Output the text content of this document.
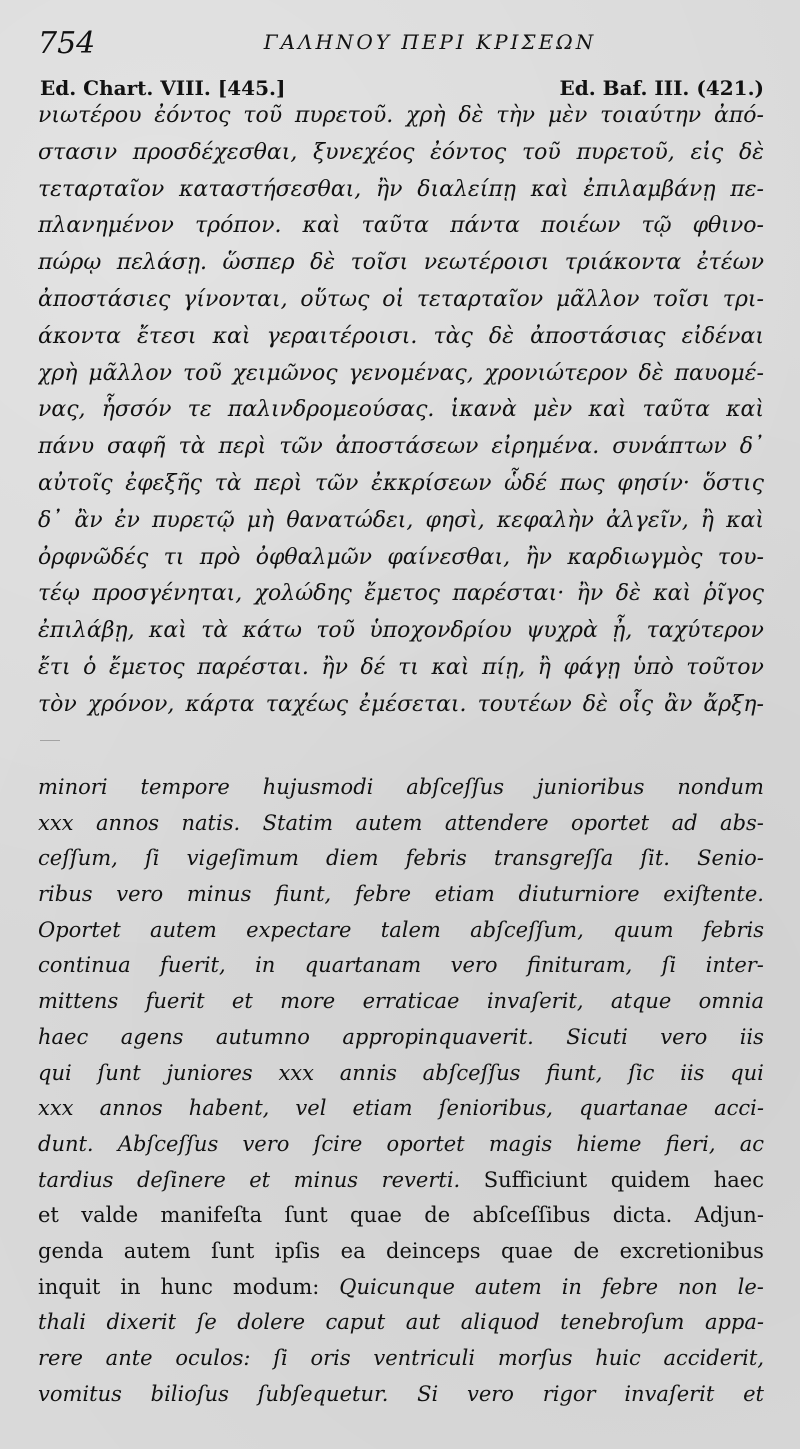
754	ΓΑΛΗΝΟΥ ΠΕΡΙ ΚΡΙΣΕΩΝ
Ed. Chart. VIII. [445.]	Ed. Baf. III. (421.)
νιωτέρου ἐόντος τοῦ πυρετοῦ. χρὴ δὲ τὴν μὲν τοιαύτην ἀπό-
στασιν προσδέχεσθαι, ξυνεχέος ἐόντος τοῦ πυρετοῦ, εἰς δὲ
τεταρταῖον καταστήσεσθαι, ἢν διαλείπῃ καὶ ἐπιλαμβάνῃ πε-
πλανημένον τρόπον. καὶ ταῦτα πάντα ποιέων τῷ φθινο-
πώρῳ πελάσῃ. ὥσπερ δὲ τοῖσι νεωτέροισι τριάκοντα ἐτέων
ἀποστάσιες γίνονται, οὕτως οἱ τεταρταῖον μᾶλλον τοῖσι τρι-
άκοντα ἔτεσι καὶ γεραιτέροισι. τὰς δὲ ἀποστάσιας εἰδέναι
χρὴ μᾶλλον τοῦ χειμῶνος γενομένας, χρονιώτερον δὲ παυομέ-
νας, ἧσσόν τε παλινδρομεούσας. ἱκανὰ μὲν καὶ ταῦτα καὶ
πάνυ σαφῆ τὰ περὶ τῶν ἀποστάσεων εἰρημένα. συνάπτων δ᾽
αὐτοῖς ἐφεξῆς τὰ περὶ τῶν ἐκκρίσεων ὧδέ πως φησίν· ὅστις
δ᾽ ἂν ἐν πυρετῷ μὴ θανατώδει, φησὶ, κεφαλὴν ἀλγεῖν, ἢ καὶ
ὀρφνῶδές τι πρὸ ὀφθαλμῶν φαίνεσθαι, ἢν καρδιωγμὸς του-
τέῳ προσγένηται, χολώδης ἔμετος παρέσται· ἢν δὲ καὶ ῥῖγος
ἐπιλάβῃ, καὶ τὰ κάτω τοῦ ὑποχονδρίου ψυχρὰ ᾖ, ταχύτερον
ἔτι ὁ ἔμετος παρέσται. ἢν δέ τι καὶ πίῃ, ἢ φάγῃ ὑπὸ τοῦτον
τὸν χρόνον, κάρτα ταχέως ἐμέσεται. τουτέων δὲ οἷς ἂν ἄρξη-
minori tempore hujusmodi abſceſſus junioribus nondum
xxx annos natis. Statim autem attendere oportet ad abs-
ceſſum, ſi vigeſimum diem febris transgreſſa ſit. Senio-
ribus vero minus fiunt, febre etiam diuturniore exiſtente.
Oportet autem expectare talem abſceſſum, quum febris
continua fuerit, in quartanam vero finituram, ſi inter-
mittens fuerit et more erraticae invaſerit, atque omnia
haec agens autumno appropinquaverit. Sicuti vero iis
qui ſunt juniores xxx annis abſceſſus fiunt, ſic iis qui
xxx annos habent, vel etiam ſenioribus, quartanae acci-
dunt. Abſceſſus vero ſcire oportet magis hieme fieri, ac
tardius deſinere et minus reverti. Sufficiunt quidem haec
et valde manifeſta ſunt quae de abſceſſibus dicta. Adjun-
genda autem ſunt ipſis ea deinceps quae de excretionibus
inquit in hunc modum: Quicunque autem in febre non le-
thali dixerit ſe dolere caput aut aliquod tenebroſum appa-
rere ante oculos: ſi oris ventriculi morſus huic acciderit,
vomitus bilioſus ſubſequetur. Si vero rigor invaſerit et
